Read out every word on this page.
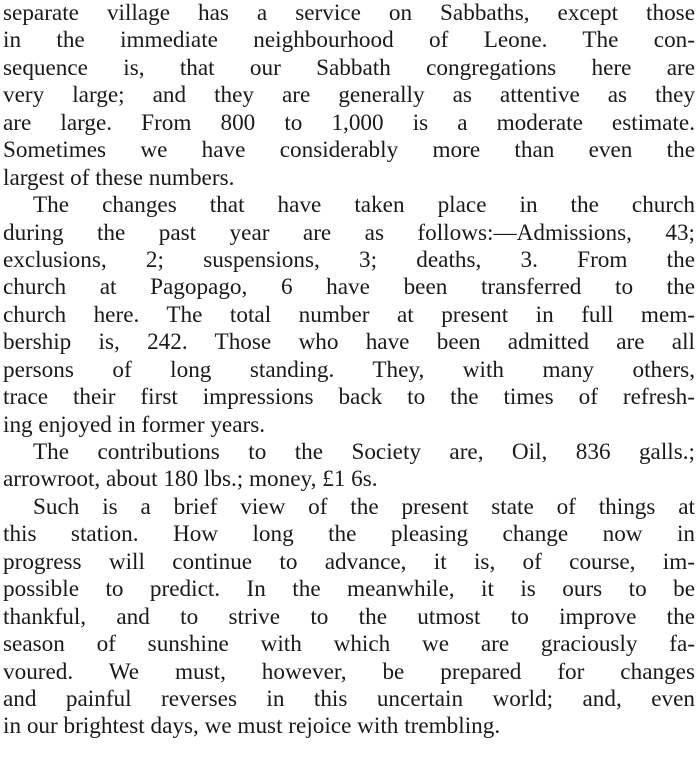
separate village has a service on Sabbaths, except those
in the immediate neighbourhood of Leone. The con-
sequence is, that our Sabbath congregations here are
very large; and they are generally as attentive as they
are large. From 800 to 1,000 is a moderate estimate.
Sometimes we have considerably more than even the
largest of these numbers.
The changes that have taken place in the church
during the past year are as follows:—Admissions, 43;
exclusions, 2; suspensions, 3; deaths, 3. From the
church at Pagopago, 6 have been transferred to the
church here. The total number at present in full mem-
bership is, 242. Those who have been admitted are all
persons of long standing. They, with many others,
trace their first impressions back to the times of refresh-
ing enjoyed in former years.
The contributions to the Society are, Oil, 836 galls.;
arrowroot, about 180 lbs.; money, £1 6s.
Such is a brief view of the present state of things at
this station. How long the pleasing change now in
progress will continue to advance, it is, of course, im-
possible to predict. In the meanwhile, it is ours to be
thankful, and to strive to the utmost to improve the
season of sunshine with which we are graciously fa-
voured. We must, however, be prepared for changes
and painful reverses in this uncertain world; and, even
in our brightest days, we must rejoice with trembling.
